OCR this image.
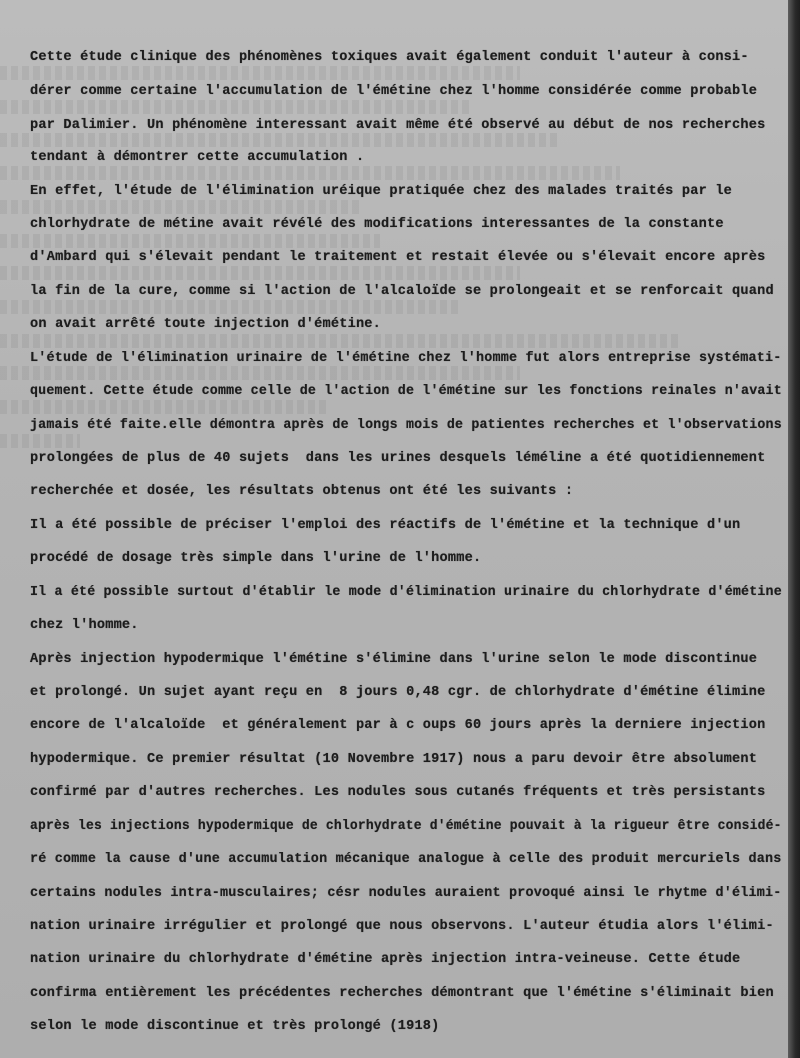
Cette étude clinique des phénomènes toxiques avait également conduit l'auteur à consi-
dérer comme certaine l'accumulation de l'émétine chez l'homme considérée comme probable
par Dalimier. Un phénomène interessant avait même été observé au début de nos recherches
tendant à démontrer cette accumulation .
En effet, l'étude de l'élimination uréique pratiquée chez des malades traités par le
chlorhydrate de métine avait révélé des modifications interessantes de la constante
d'Ambard qui s'élevait pendant le traitement et restait élevée ou s'élevait encore après
la fin de la cure, comme si l'action de l'alcaloïde se prolongeait et se renforcait quand
on avait arrêté toute injection d'émétine.
L'étude de l'élimination urinaire de l'émétine chez l'homme fut alors entreprise systémati-
quement. Cette étude comme celle de l'action de l'émétine sur les fonctions reinales n'avait
jamais été faite.elle démontra après de longs mois de patientes recherches et l'observations
prolongées de plus de 40 sujets  dans les urines desquels léméline a été quotidiennement
recherchée et dosée, les résultats obtenus ont été les suivants :
Il a été possible de préciser l'emploi des réactifs de l'émétine et la technique d'un
procédé de dosage très simple dans l'urine de l'homme.
Il a été possible surtout d'établir le mode d'élimination urinaire du chlorhydrate d'émétine
chez l'homme.
Après injection hypodermique l'émétine s'élimine dans l'urine selon le mode discontinue
et prolongé. Un sujet ayant reçu en  8 jours 0,48 cgr. de chlorhydrate d'émétine élimine
encore de l'alcaloïde  et généralement par à c oups 60 jours après la derniere injection
hypodermique. Ce premier résultat (10 Novembre 1917) nous a paru devoir être absolument
confirmé par d'autres recherches. Les nodules sous cutanés fréquents et très persistants
après les injections hypodermique de chlorhydrate d'émétine pouvait à la rigueur être considé-
ré comme la cause d'une accumulation mécanique analogue à celle des produit mercuriels dans
certains nodules intra-musculaires; césr nodules auraient provoqué ainsi le rhytme d'élimi-
nation urinaire irrégulier et prolongé que nous observons. L'auteur étudia alors l'élimi-
nation urinaire du chlorhydrate d'émétine après injection intra-veineuse. Cette étude
confirma entièrement les précédentes recherches démontrant que l'émétine s'éliminait bien
selon le mode discontinue et très prolongé (1918)
